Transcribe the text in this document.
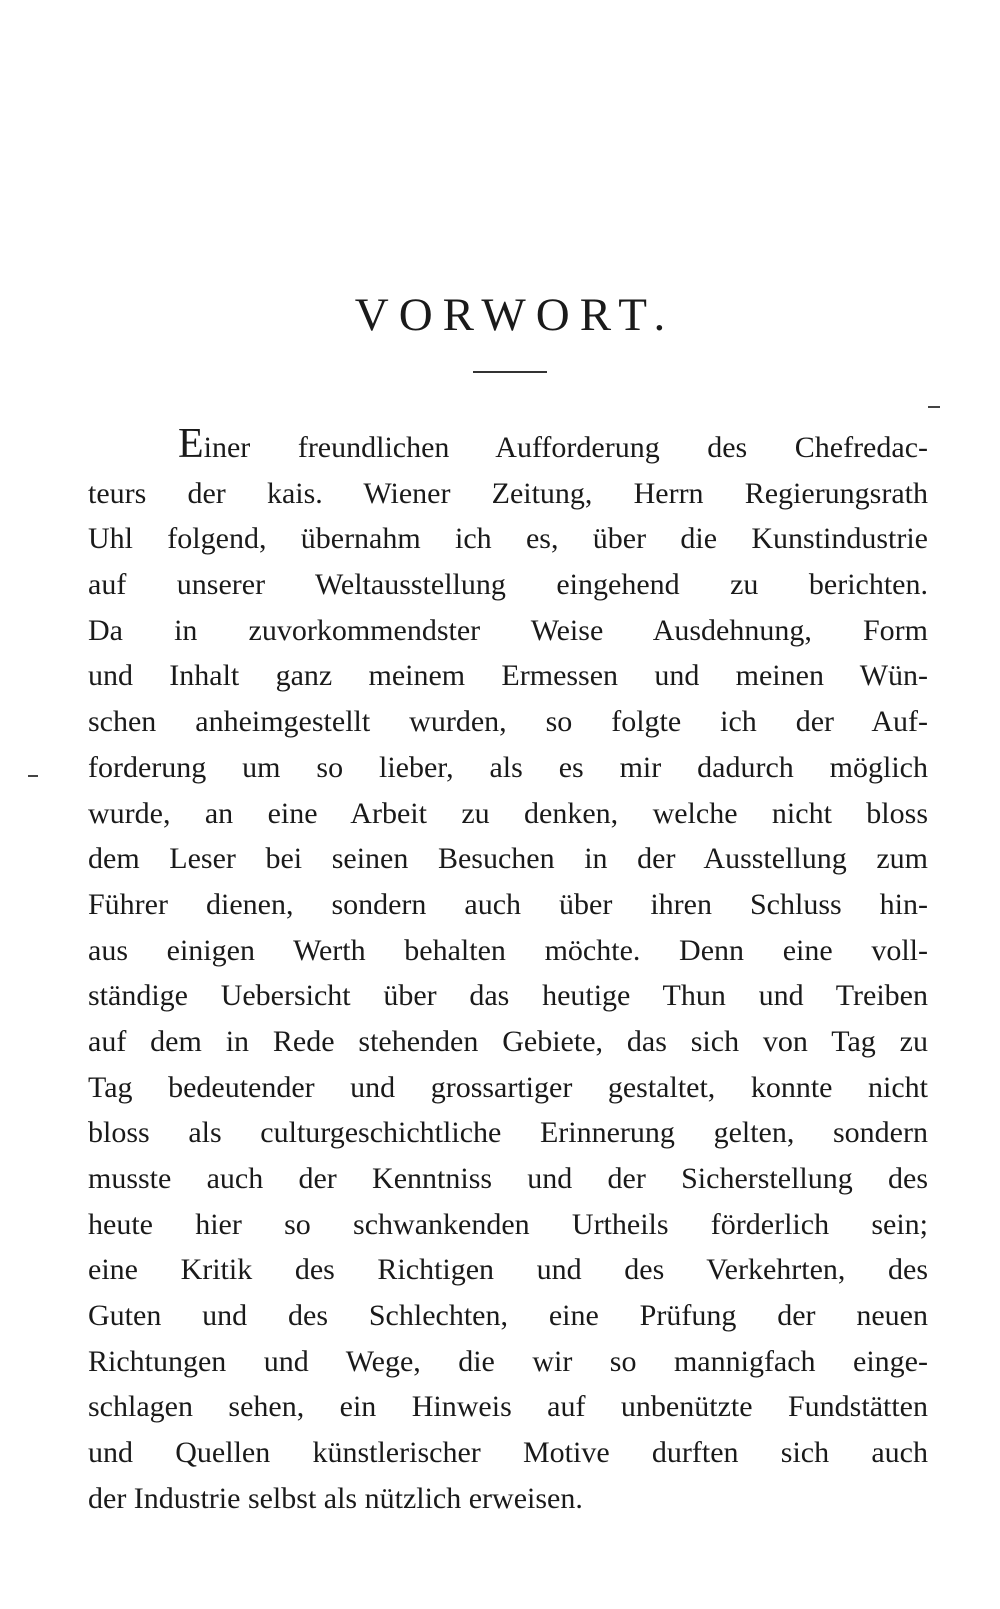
VORWORT.
Einer freundlichen Aufforderung des Chefredac-
teurs der kais. Wiener Zeitung, Herrn Regierungsrath
Uhl folgend, übernahm ich es, über die Kunstindustrie
auf unserer Weltausstellung eingehend zu berichten.
Da in zuvorkommendster Weise Ausdehnung, Form
und Inhalt ganz meinem Ermessen und meinen Wün-
schen anheimgestellt wurden, so folgte ich der Auf-
forderung um so lieber, als es mir dadurch möglich
wurde, an eine Arbeit zu denken, welche nicht bloss
dem Leser bei seinen Besuchen in der Ausstellung zum
Führer dienen, sondern auch über ihren Schluss hin-
aus einigen Werth behalten möchte. Denn eine voll-
ständige Uebersicht über das heutige Thun und Treiben
auf dem in Rede stehenden Gebiete, das sich von Tag zu
Tag bedeutender und grossartiger gestaltet, konnte nicht
bloss als culturgeschichtliche Erinnerung gelten, sondern
musste auch der Kenntniss und der Sicherstellung des
heute hier so schwankenden Urtheils förderlich sein;
eine Kritik des Richtigen und des Verkehrten, des
Guten und des Schlechten, eine Prüfung der neuen
Richtungen und Wege, die wir so mannigfach einge-
schlagen sehen, ein Hinweis auf unbenützte Fundstätten
und Quellen künstlerischer Motive durften sich auch
der Industrie selbst als nützlich erweisen.
